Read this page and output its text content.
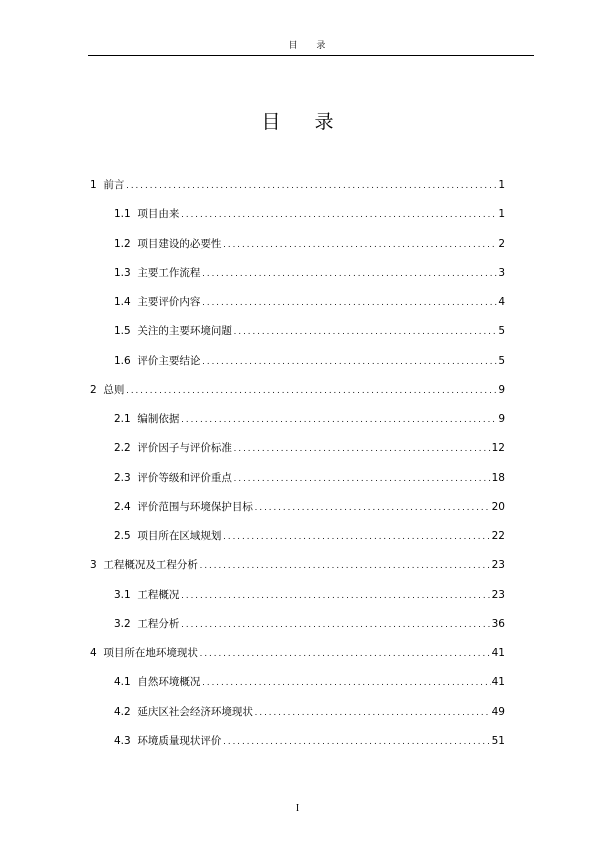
目 录
目 录
1 前言 .....	1
1.1 项目由来 .....	1
1.2 项目建设的必要性 .....	2
1.3 主要工作流程 .....	3
1.4 主要评价内容 .....	4
1.5 关注的主要环境问题 .....	5
1.6 评价主要结论 .....	5
2 总则 .....	9
2.1 编制依据 .....	9
2.2 评价因子与评价标准 .....	12
2.3 评价等级和评价重点 .....	18
2.4 评价范围与环境保护目标 .....	20
2.5 项目所在区域规划 .....	22
3 工程概况及工程分析 .....	23
3.1 工程概况 .....	23
3.2 工程分析 .....	36
4 项目所在地环境现状 .....	41
4.1 自然环境概况 .....	41
4.2 延庆区社会经济环境现状 .....	49
4.3 环境质量现状评价 .....	51
I
